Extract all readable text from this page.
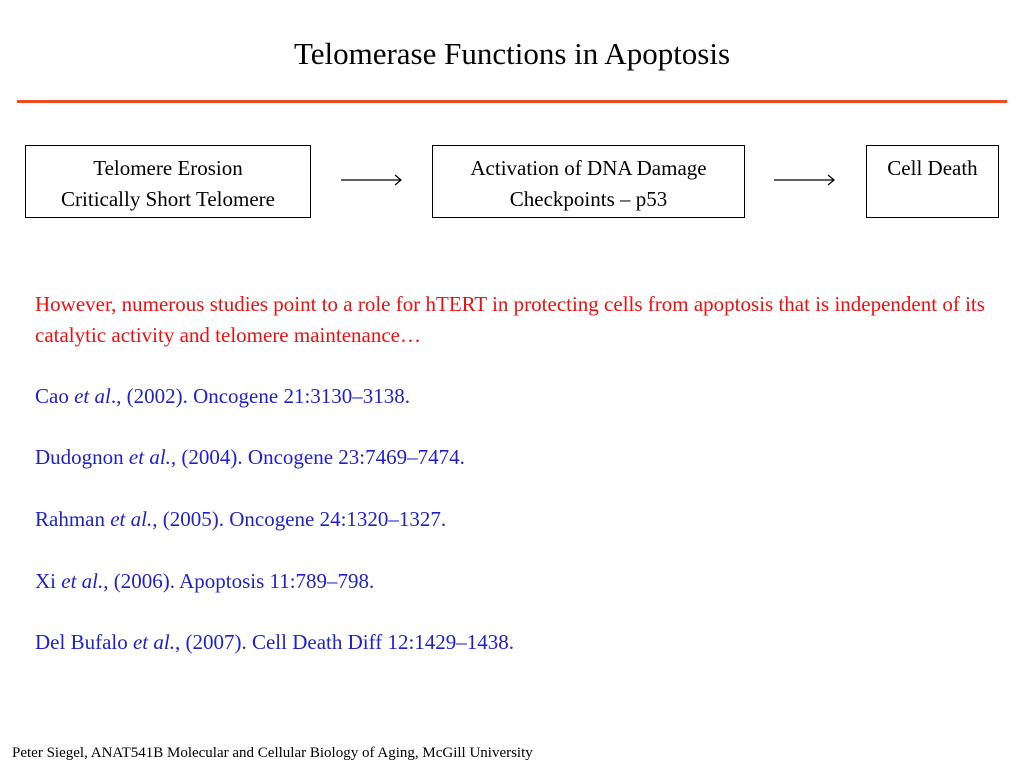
Telomerase Functions in Apoptosis
Telomere Erosion
Critically Short Telomere
Activation of DNA Damage
Checkpoints – p53
Cell Death
However, numerous studies point to a role for hTERT in protecting cells from apoptosis that is independent of its catalytic activity and telomere maintenance…
Cao et al., (2002). Oncogene 21:3130–3138.
Dudognon et al., (2004). Oncogene 23:7469–7474.
Rahman et al., (2005). Oncogene 24:1320–1327.
Xi et al., (2006). Apoptosis 11:789–798.
Del Bufalo et al., (2007). Cell Death Diff 12:1429–1438.
Peter Siegel, ANAT541B Molecular and Cellular Biology of Aging, McGill University
